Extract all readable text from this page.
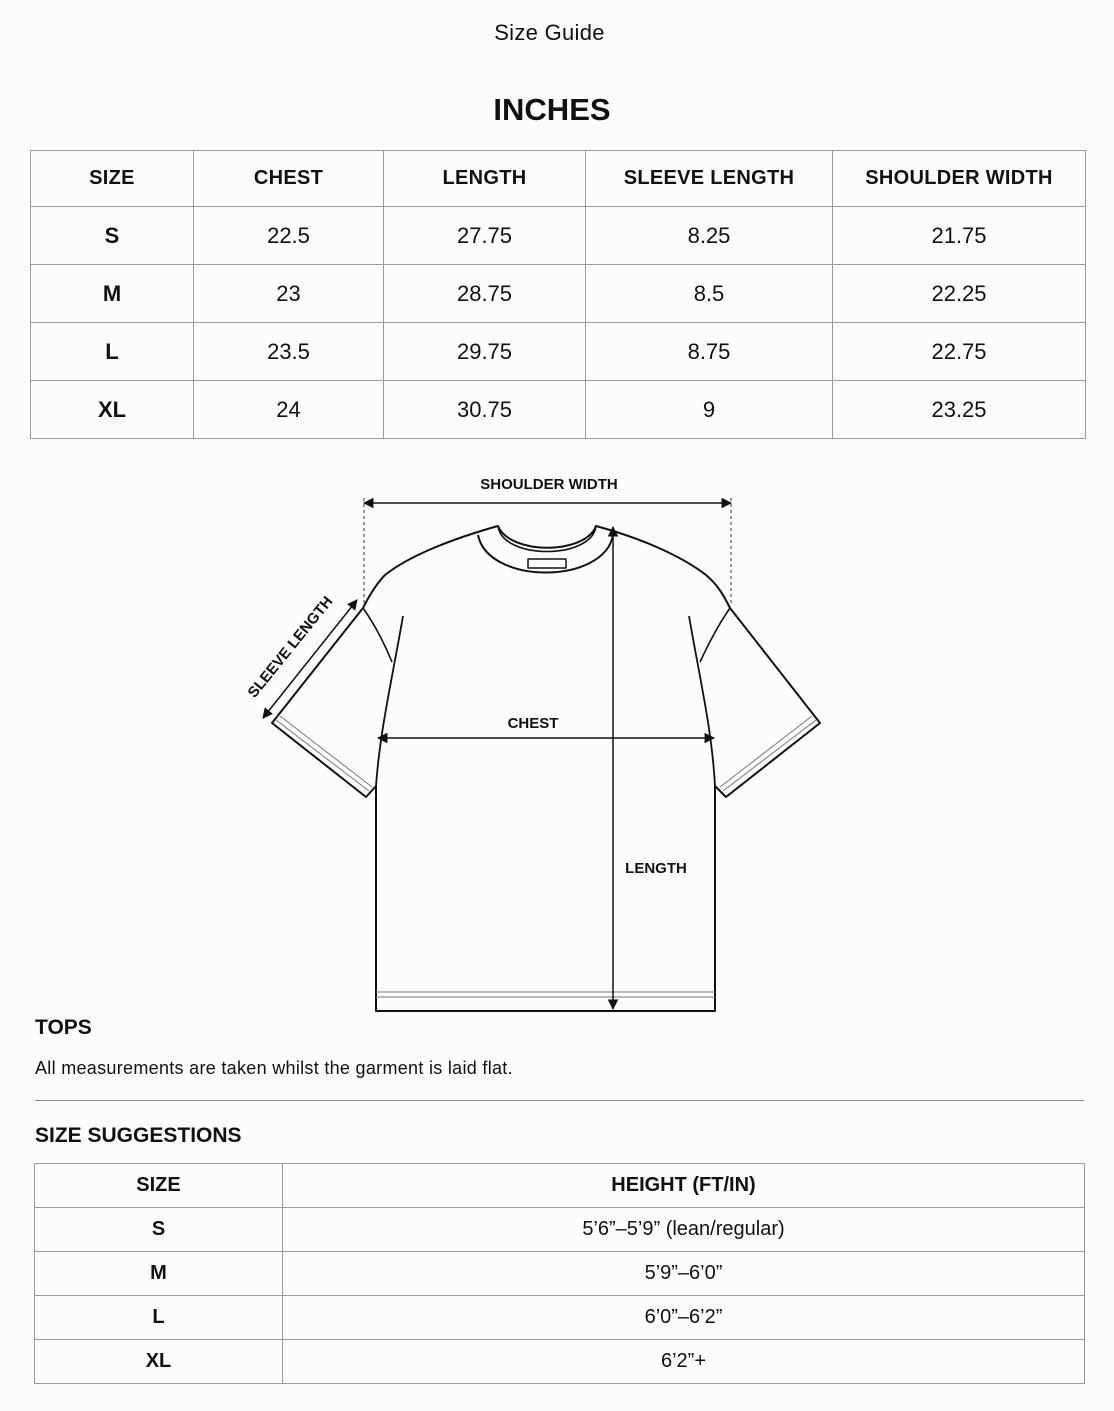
Size Guide
INCHES
SIZE	CHEST	LENGTH	SLEEVE LENGTH	SHOULDER WIDTH
S	22.5	27.75	8.25	21.75
M	23	28.75	8.5	22.25
L	23.5	29.75	8.75	22.75
XL	24	30.75	9	23.25
SHOULDER WIDTH
SLEEVE LENGTH
CHEST
LENGTH
TOPS
All measurements are taken whilst the garment is laid flat.
SIZE SUGGESTIONS
SIZE	HEIGHT (FT/IN)
S	5’6”–5’9” (lean/regular)
M	5’9”–6’0”
L	6’0”–6’2”
XL	6’2”+
